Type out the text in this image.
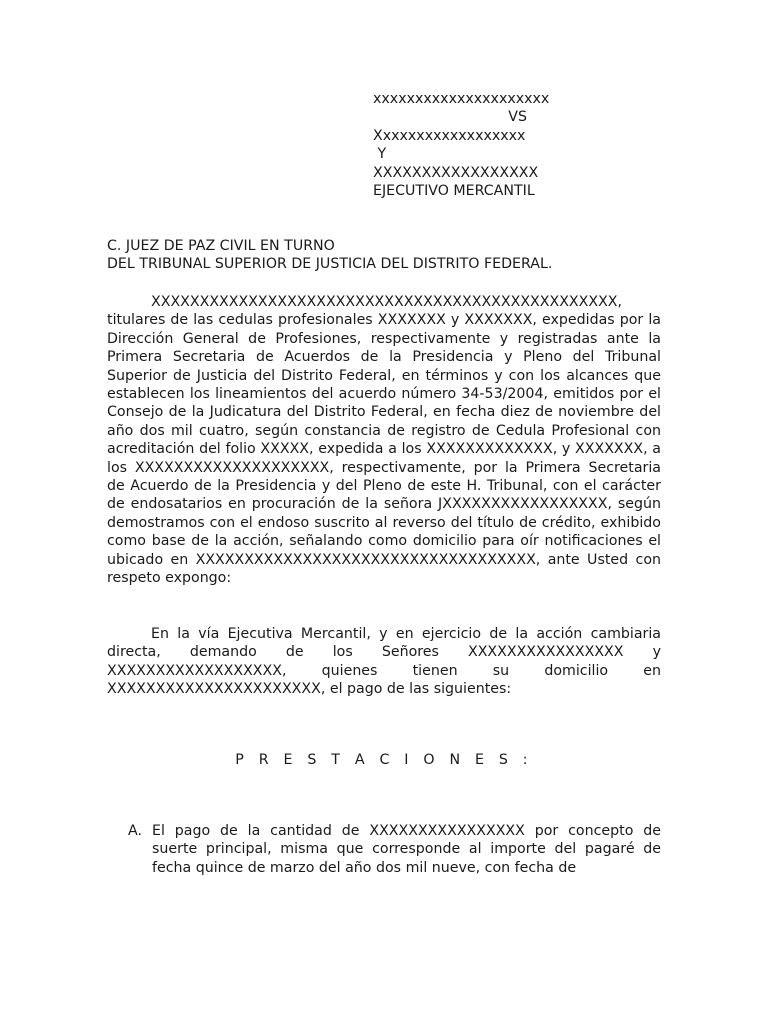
xxxxxxxxxxxxxxxxxxxxx
VS
Xxxxxxxxxxxxxxxxxx
Y
XXXXXXXXXXXXXXXXX
EJECUTIVO MERCANTIL
C. JUEZ DE PAZ CIVIL EN TURNO
DEL TRIBUNAL SUPERIOR DE JUSTICIA DEL DISTRITO FEDERAL.

XXXXXXXXXXXXXXXXXXXXXXXXXXXXXXXXXXXXXXXXXXXXXXXX, titulares de las cedulas profesionales XXXXXXX y XXXXXXX, expedidas por la Dirección General de Profesiones, respectivamente y registradas ante la Primera Secretaria de Acuerdos de la Presidencia y Pleno del Tribunal Superior de Justicia del Distrito Federal, en términos y con los alcances que establecen los lineamientos del acuerdo número 34-53/2004, emitidos por el Consejo de la Judicatura del Distrito Federal, en fecha diez de noviembre del año dos mil cuatro, según constancia de registro de Cedula Profesional con acreditación del folio XXXXX, expedida a los XXXXXXXXXXXXX, y XXXXXXX, a los XXXXXXXXXXXXXXXXXXXX, respectivamente, por la Primera Secretaria de Acuerdo de la Presidencia y del Pleno de este H. Tribunal, con el carácter de endosatarios en procuración de la señora JXXXXXXXXXXXXXXXXX, según demostramos con el endoso suscrito al reverso del título de crédito, exhibido como base de la acción, señalando como domicilio para oír notificaciones el ubicado en XXXXXXXXXXXXXXXXXXXXXXXXXXXXXXXXXXX, ante Usted con respeto expongo:

En la vía Ejecutiva Mercantil, y en ejercicio de la acción cambiaria directa, demando de los Señores XXXXXXXXXXXXXXXX y XXXXXXXXXXXXXXXXXX, quienes tienen su domicilio en XXXXXXXXXXXXXXXXXXXXXX, el pago de las siguientes:

P R E S T A C I O N E S :
A. El pago de la cantidad de XXXXXXXXXXXXXXXX por concepto de suerte principal, misma que corresponde al importe del pagaré de fecha quince de marzo del año dos mil nueve, con fecha de
